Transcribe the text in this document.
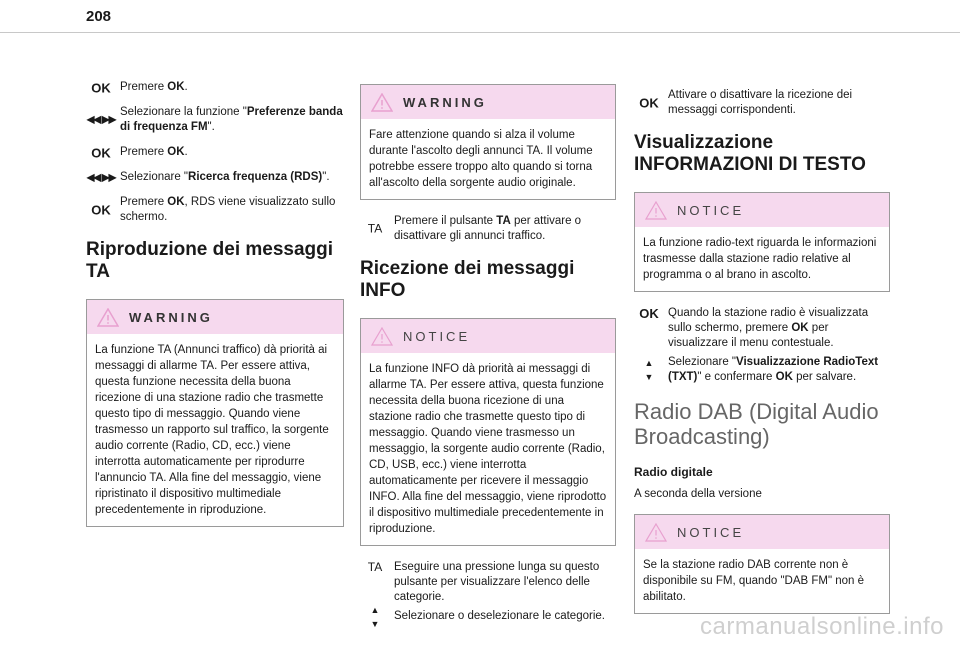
208
OK Premere OK.
◀◀ ▶▶
Selezionare la funzione "Preferenze banda di frequenza FM".
OK Premere OK.
◀◀ ▶▶ Selezionare "Ricerca frequenza (RDS)".
OK
Premere OK, RDS viene visualizzato sullo schermo.
Riproduzione dei messaggi TA
WARNING
La funzione TA (Annunci traffico) dà priorità ai messaggi di allarme TA. Per essere attiva, questa funzione necessita della buona ricezione di una stazione radio che trasmette questo tipo di messaggio. Quando viene trasmesso un rapporto sul traffico, la sorgente audio corrente (Radio, CD, ecc.) viene interrotta automaticamente per riprodurre l'annuncio TA. Alla fine del messaggio, viene ripristinato il dispositivo multimediale precedentemente in riproduzione.
WARNING
Fare attenzione quando si alza il volume durante l'ascolto degli annunci TA. Il volume potrebbe essere troppo alto quando si torna all'ascolto della sorgente audio originale.
TA
Premere il pulsante TA per attivare o disattivare gli annunci traffico.
Ricezione dei messaggi INFO
NOTICE
La funzione INFO dà priorità ai messaggi di allarme TA. Per essere attiva, questa funzione necessita della buona ricezione di una stazione radio che trasmette questo tipo di messaggio. Quando viene trasmesso un messaggio, la sorgente audio corrente (Radio, CD, USB, ecc.) viene interrotta automaticamente per ricevere il messaggio INFO. Alla fine del messaggio, viene riprodotto il dispositivo multimediale precedentemente in riproduzione.
TA	Eseguire una pressione lunga su questo pulsante per visualizzare l'elenco delle categorie.
▲
▼
Selezionare o deselezionare le categorie.
OK
Attivare o disattivare la ricezione dei messaggi corrispondenti.
Visualizzazione INFORMAZIONI DI TESTO
NOTICE
La funzione radio-text riguarda le informazioni trasmesse dalla stazione radio relative al programma o al brano in ascolto.
OK Quando la stazione radio è visualizzata sullo schermo, premere OK per visualizzare il menu contestuale.
▲
▼
Selezionare "Visualizzazione RadioText (TXT)" e confermare OK per salvare.
Radio DAB (Digital Audio Broadcasting)
Radio digitale
A seconda della versione
NOTICE
Se la stazione radio DAB corrente non è disponibile su FM, quando "DAB FM" non è abilitato.
carmanualsonline.info
